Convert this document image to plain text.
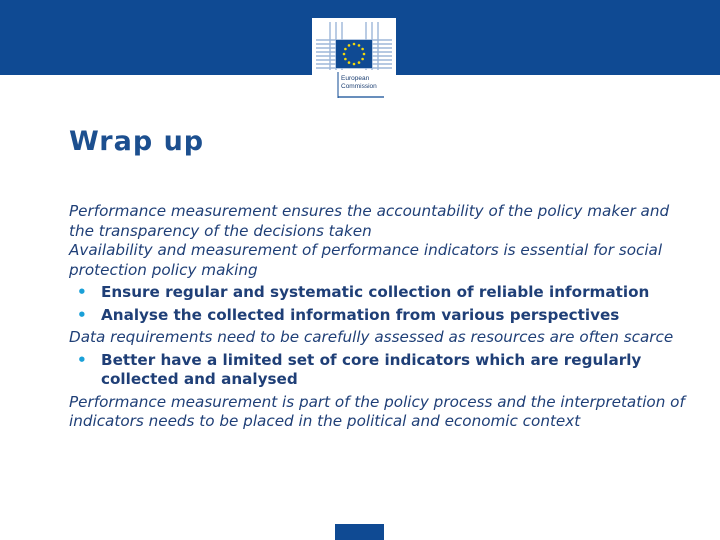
European
Commission
Wrap up

Performance measurement ensures the accountability of the policy maker and the transparency of the decisions taken

Availability and measurement of performance indicators is essential for social protection policy making

• Ensure regular and systematic collection of reliable information
• Analyse the collected information from various perspectives

Data requirements need to be carefully assessed as resources are often scarce

• Better have a limited set of core indicators which are regularly collected and analysed

Performance measurement is part of the policy process and the interpretation of indicators needs to be placed in the political and economic context
